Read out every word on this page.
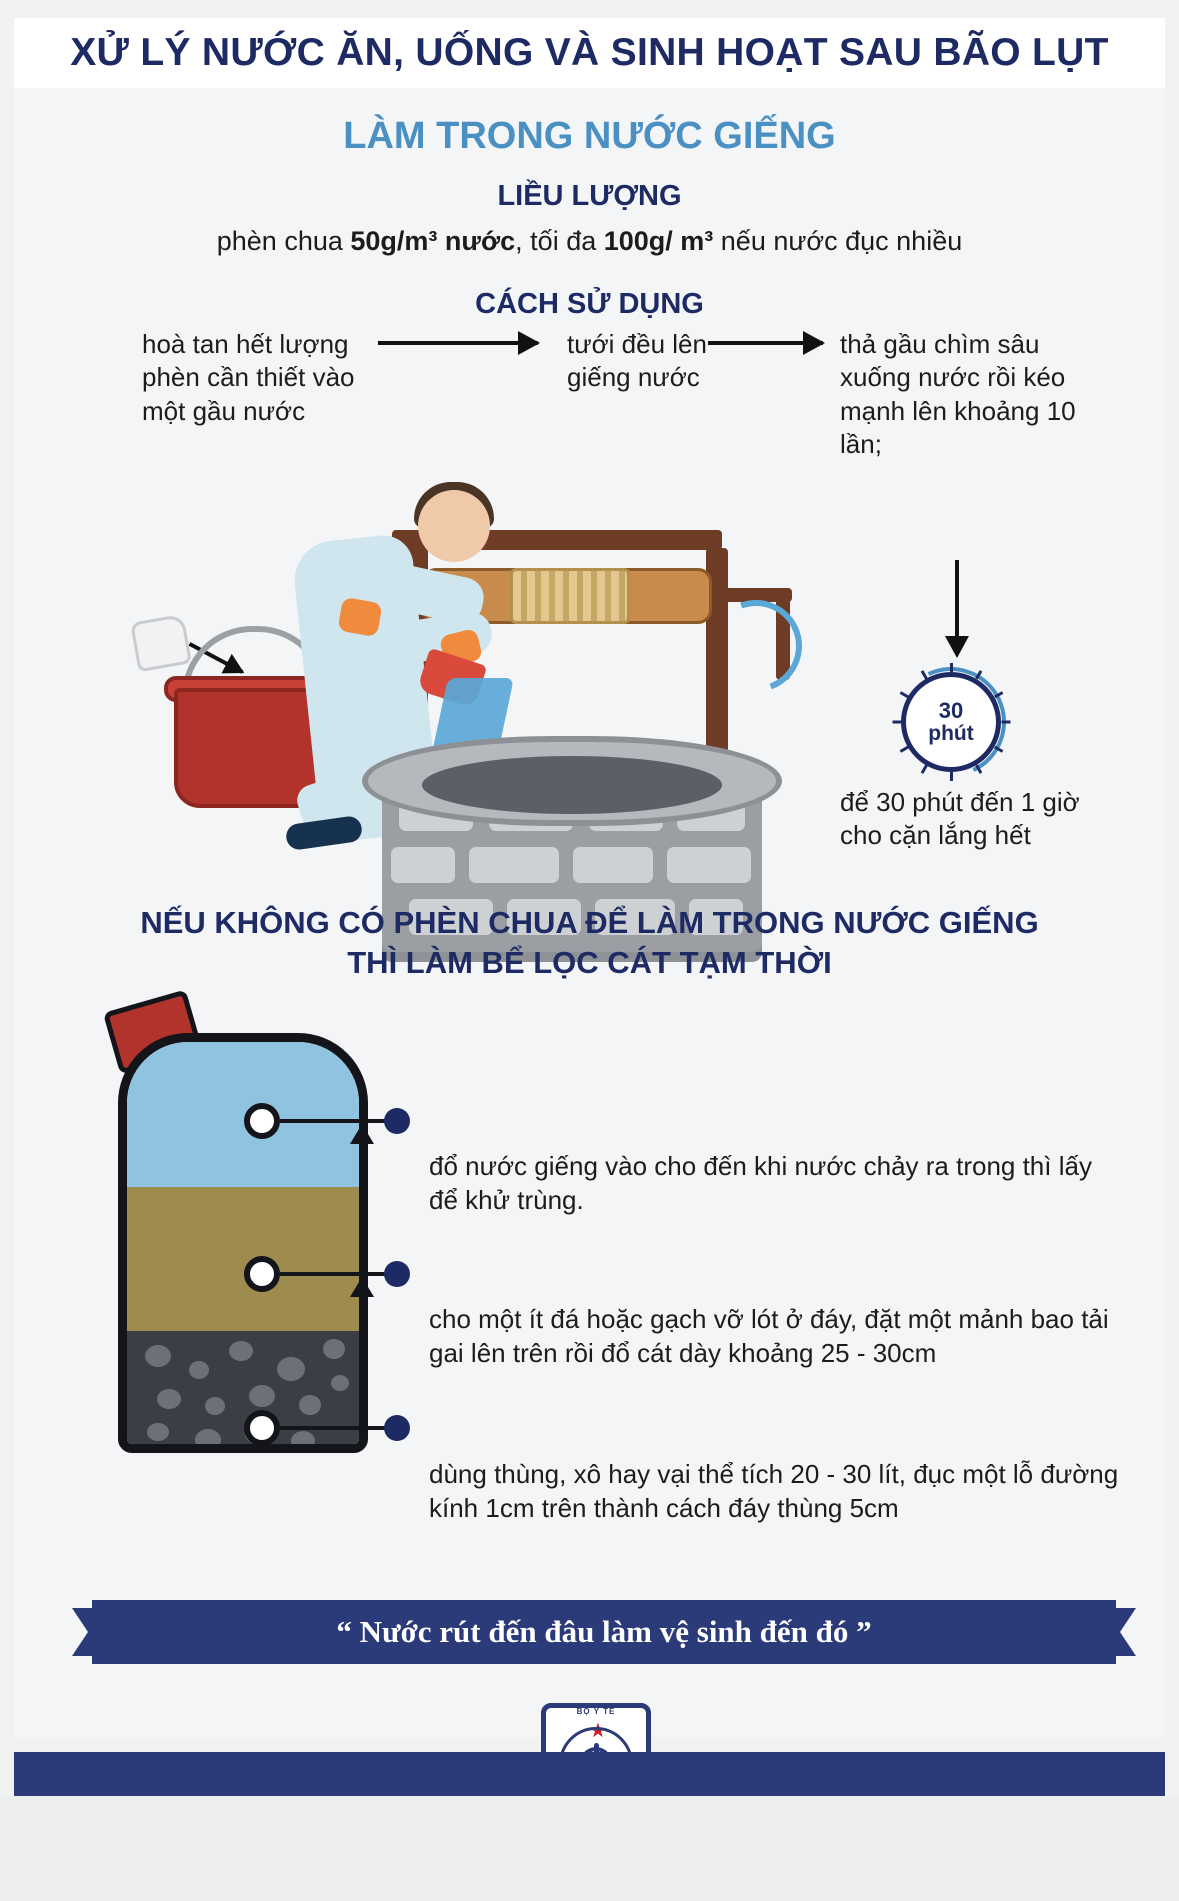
XỬ LÝ NƯỚC ĂN, UỐNG VÀ SINH HOẠT SAU BÃO LỤT
LÀM TRONG NƯỚC GIẾNG
LIỀU LƯỢNG
phèn chua 50g/m³ nước, tối đa 100g/ m³ nếu nước đục nhiều
CÁCH SỬ DỤNG
hoà tan hết lượng phèn cần thiết vào một gầu nước
tưới đều lên giếng nước
thả gầu chìm sâu xuống nước rồi kéo mạnh lên khoảng 10 lần;
để 30 phút đến 1 giờ cho cặn lắng hết
30
phút
NẾU KHÔNG CÓ PHÈN CHUA ĐỂ LÀM TRONG NƯỚC GIẾNG
THÌ LÀM BỂ LỌC CÁT TẠM THỜI
đổ nước giếng vào cho đến khi nước chảy ra trong thì lấy để khử trùng.
cho một ít đá hoặc gạch vỡ lót ở đáy, đặt một mảnh bao tải gai lên trên rồi đổ cát dày khoảng 25 - 30cm
dùng thùng, xô hay vại thể tích 20 - 30 lít, đục một lỗ đường kính 1cm trên thành cách đáy thùng 5cm
“ Nước rút đến đâu làm vệ sinh đến đó ”
BỘ Y TẾ
★
